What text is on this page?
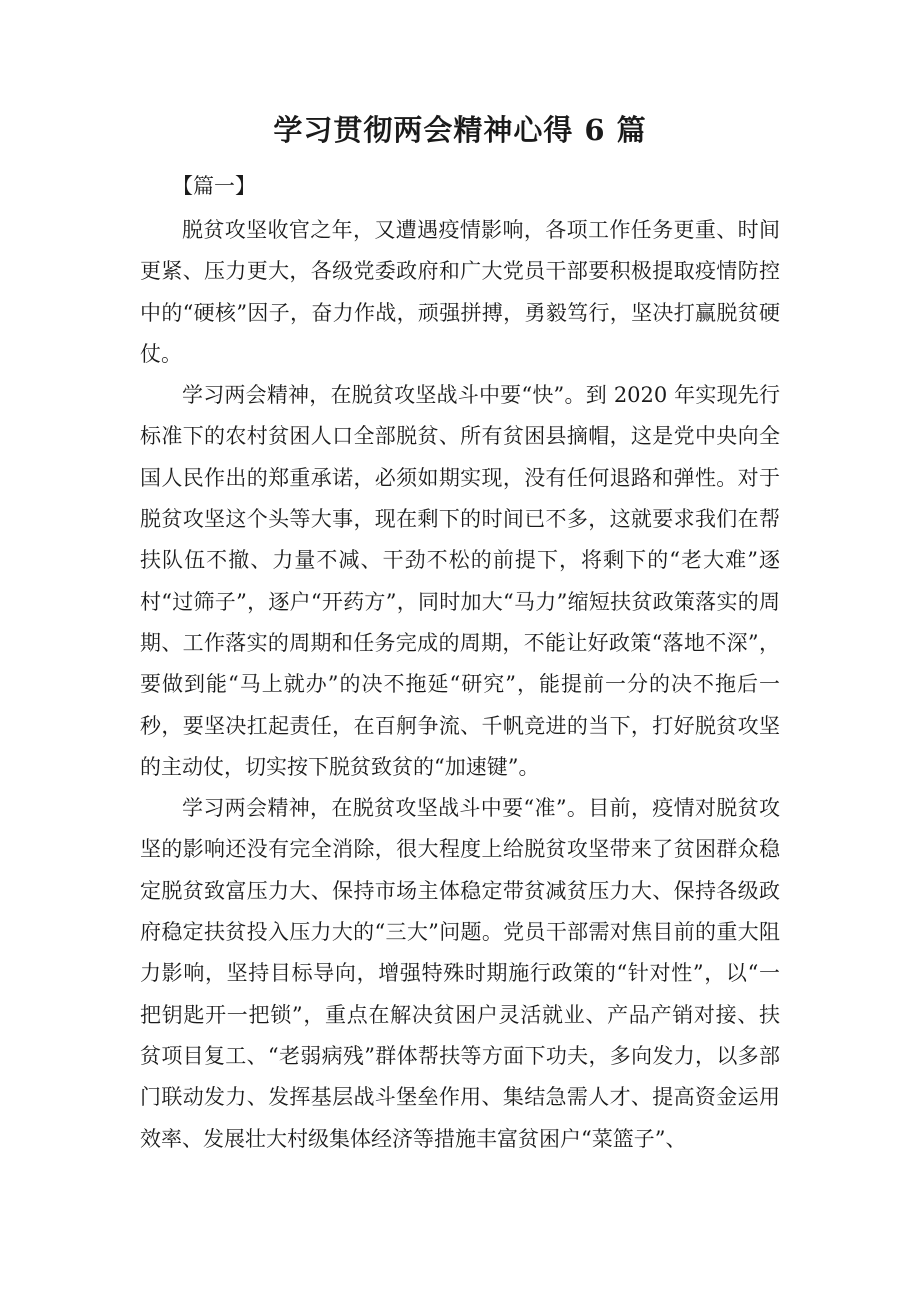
学习贯彻两会精神心得 6 篇

【篇一】

脱贫攻坚收官之年，又遭遇疫情影响，各项工作任务更重、时间更紧、压力更大，各级党委政府和广大党员干部要积极提取疫情防控中的“硬核”因子，奋力作战，顽强拼搏，勇毅笃行，坚决打赢脱贫硬仗。

学习两会精神，在脱贫攻坚战斗中要“快”。到 2020 年实现先行标准下的农村贫困人口全部脱贫、所有贫困县摘帽，这是党中央向全国人民作出的郑重承诺，必须如期实现，没有任何退路和弹性。对于脱贫攻坚这个头等大事，现在剩下的时间已不多，这就要求我们在帮扶队伍不撤、力量不减、干劲不松的前提下，将剩下的“老大难”逐村“过筛子”，逐户“开药方”，同时加大“马力”缩短扶贫政策落实的周期、工作落实的周期和任务完成的周期，不能让好政策“落地不深”，要做到能“马上就办”的决不拖延“研究”，能提前一分的决不拖后一秒，要坚决扛起责任，在百舸争流、千帆竞进的当下，打好脱贫攻坚的主动仗，切实按下脱贫致贫的“加速键”。

学习两会精神，在脱贫攻坚战斗中要“准”。目前，疫情对脱贫攻坚的影响还没有完全消除，很大程度上给脱贫攻坚带来了贫困群众稳定脱贫致富压力大、保持市场主体稳定带贫减贫压力大、保持各级政府稳定扶贫投入压力大的“三大”问题。党员干部需对焦目前的重大阻力影响，坚持目标导向，增强特殊时期施行政策的“针对性”，以“一把钥匙开一把锁”，重点在解决贫困户灵活就业、产品产销对接、扶贫项目复工、“老弱病残”群体帮扶等方面下功夫，多向发力，以多部门联动发力、发挥基层战斗堡垒作用、集结急需人才、提高资金运用效率、发展壮大村级集体经济等措施丰富贫困户“菜篮子”、
